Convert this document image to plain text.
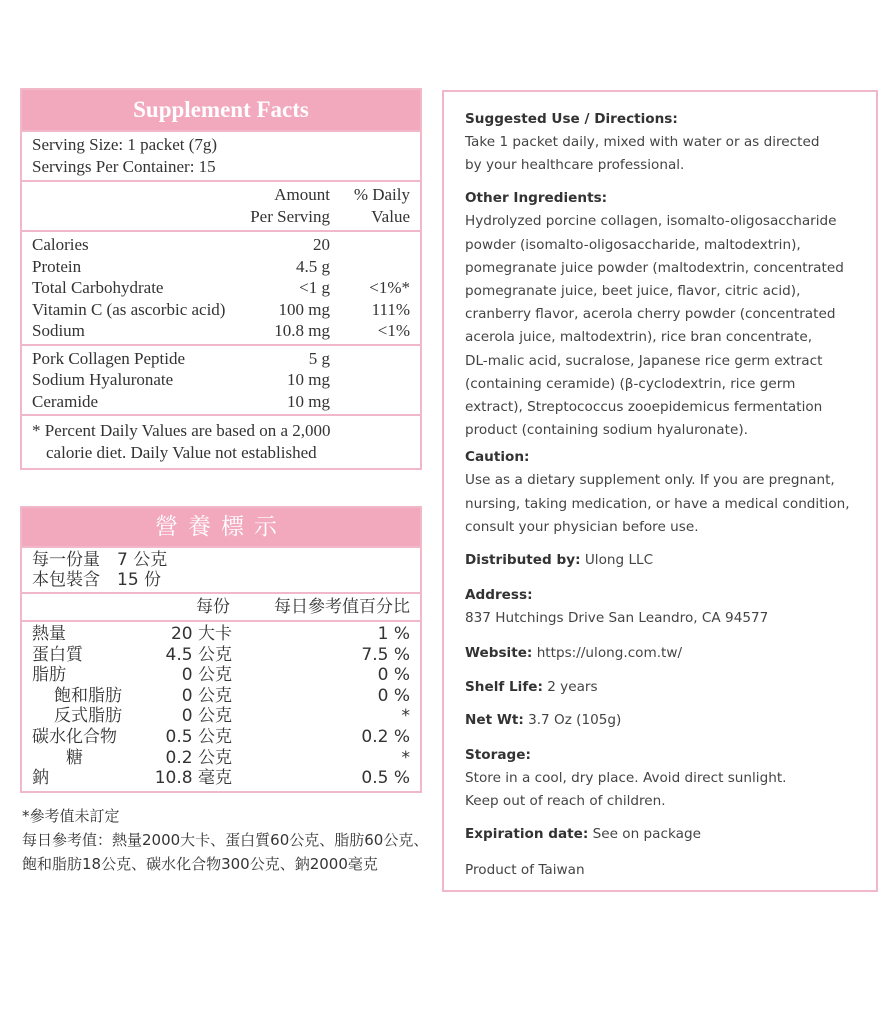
Supplement Facts
Serving Size: 1 packet (7g)
Servings Per Container: 15
Amount	% Daily
Per Serving	Value
Calories	20
Protein	4.5 g
Total Carbohydrate	<1 g	<1%*
Vitamin C (as ascorbic acid)	100 mg	111%
Sodium	10.8 mg	<1%
Pork Collagen Peptide	5 g
Sodium Hyaluronate	10 mg
Ceramide	10 mg
* Percent Daily Values are based on a 2,000
calorie diet. Daily Value not established
營養標示
每一份量　7 公克
本包裝含　15 份
每份	每日參考值百分比
熱量	20 大卡	1 %
蛋白質	4.5 公克	7.5 %
脂肪	0 公克	0 %
飽和脂肪	0 公克	0 %
反式脂肪	0 公克	*
碳水化合物	0.5 公克	0.2 %
糖	0.2 公克	*
鈉	10.8 毫克	0.5 %
*參考值未訂定
每日參考值：熱量2000大卡、蛋白質60公克、脂肪60公克、
飽和脂肪18公克、碳水化合物300公克、鈉2000毫克
Suggested Use / Directions:
Take 1 packet daily, mixed with water or as directed
by your healthcare professional.
Other Ingredients:
Hydrolyzed porcine collagen, isomalto-oligosaccharide
powder (isomalto-oligosaccharide, maltodextrin),
pomegranate juice powder (maltodextrin, concentrated
pomegranate juice, beet juice, flavor, citric acid),
cranberry flavor, acerola cherry powder (concentrated
acerola juice, maltodextrin), rice bran concentrate,
DL-malic acid, sucralose, Japanese rice germ extract
(containing ceramide) (β-cyclodextrin, rice germ
extract), Streptococcus zooepidemicus fermentation
product (containing sodium hyaluronate).
Caution:
Use as a dietary supplement only. If you are pregnant,
nursing, taking medication, or have a medical condition,
consult your physician before use.
Distributed by: Ulong LLC
Address:
837 Hutchings Drive San Leandro, CA 94577
Website: https://ulong.com.tw/
Shelf Life: 2 years
Net Wt: 3.7 Oz (105g)
Storage:
Store in a cool, dry place. Avoid direct sunlight.
Keep out of reach of children.
Expiration date: See on package
Product of Taiwan
